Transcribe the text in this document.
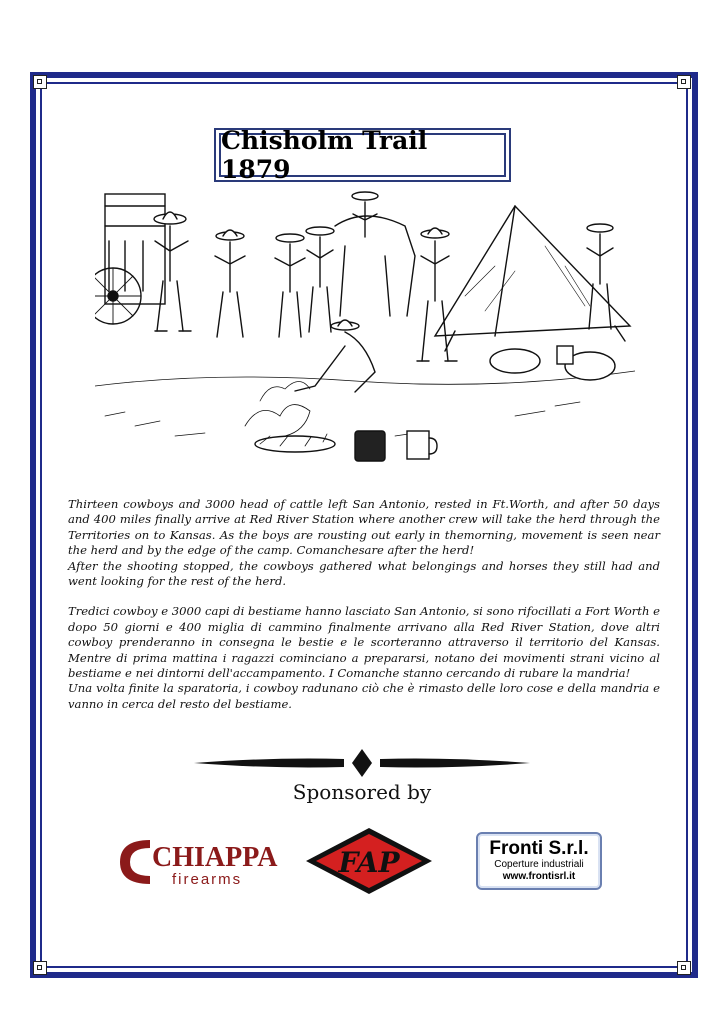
Chisholm Trail 1879

Thirteen cowboys and 3000 head of cattle left San Antonio, rested in Ft.Worth, and after 50 days and 400 miles finally arrive at Red River Station where another crew will take the herd through the Territories on to Kansas. As the boys are rousting out early in themorning, movement is seen near the herd and by the edge of the camp. Comanchesare after the herd!

After the shooting stopped, the cowboys gathered what belongings and horses they still had and went looking for the rest of the herd.

Tredici cowboy e 3000 capi di bestiame hanno lasciato San Antonio, si sono rifocillati a Fort Worth e dopo 50 giorni e 400 miglia di cammino finalmente arrivano alla Red River Station, dove altri cowboy prenderanno in consegna le bestie e le scorteranno attraverso il territorio del Kansas. Mentre di prima mattina i ragazzi cominciano a prepararsi, notano dei movimenti strani vicino al bestiame e nei dintorni dell'accampamento. I Comanche stanno cercando di rubare la mandria!

Una volta finite la sparatoria, i cowboy radunano ciò che è rimasto delle loro cose e della mandria e vanno in cerca del resto del bestiame.

Sponsored by
CHIAPPA
firearms
FAP	Fronti S.r.l.
Coperture industriali
www.frontisrl.it
